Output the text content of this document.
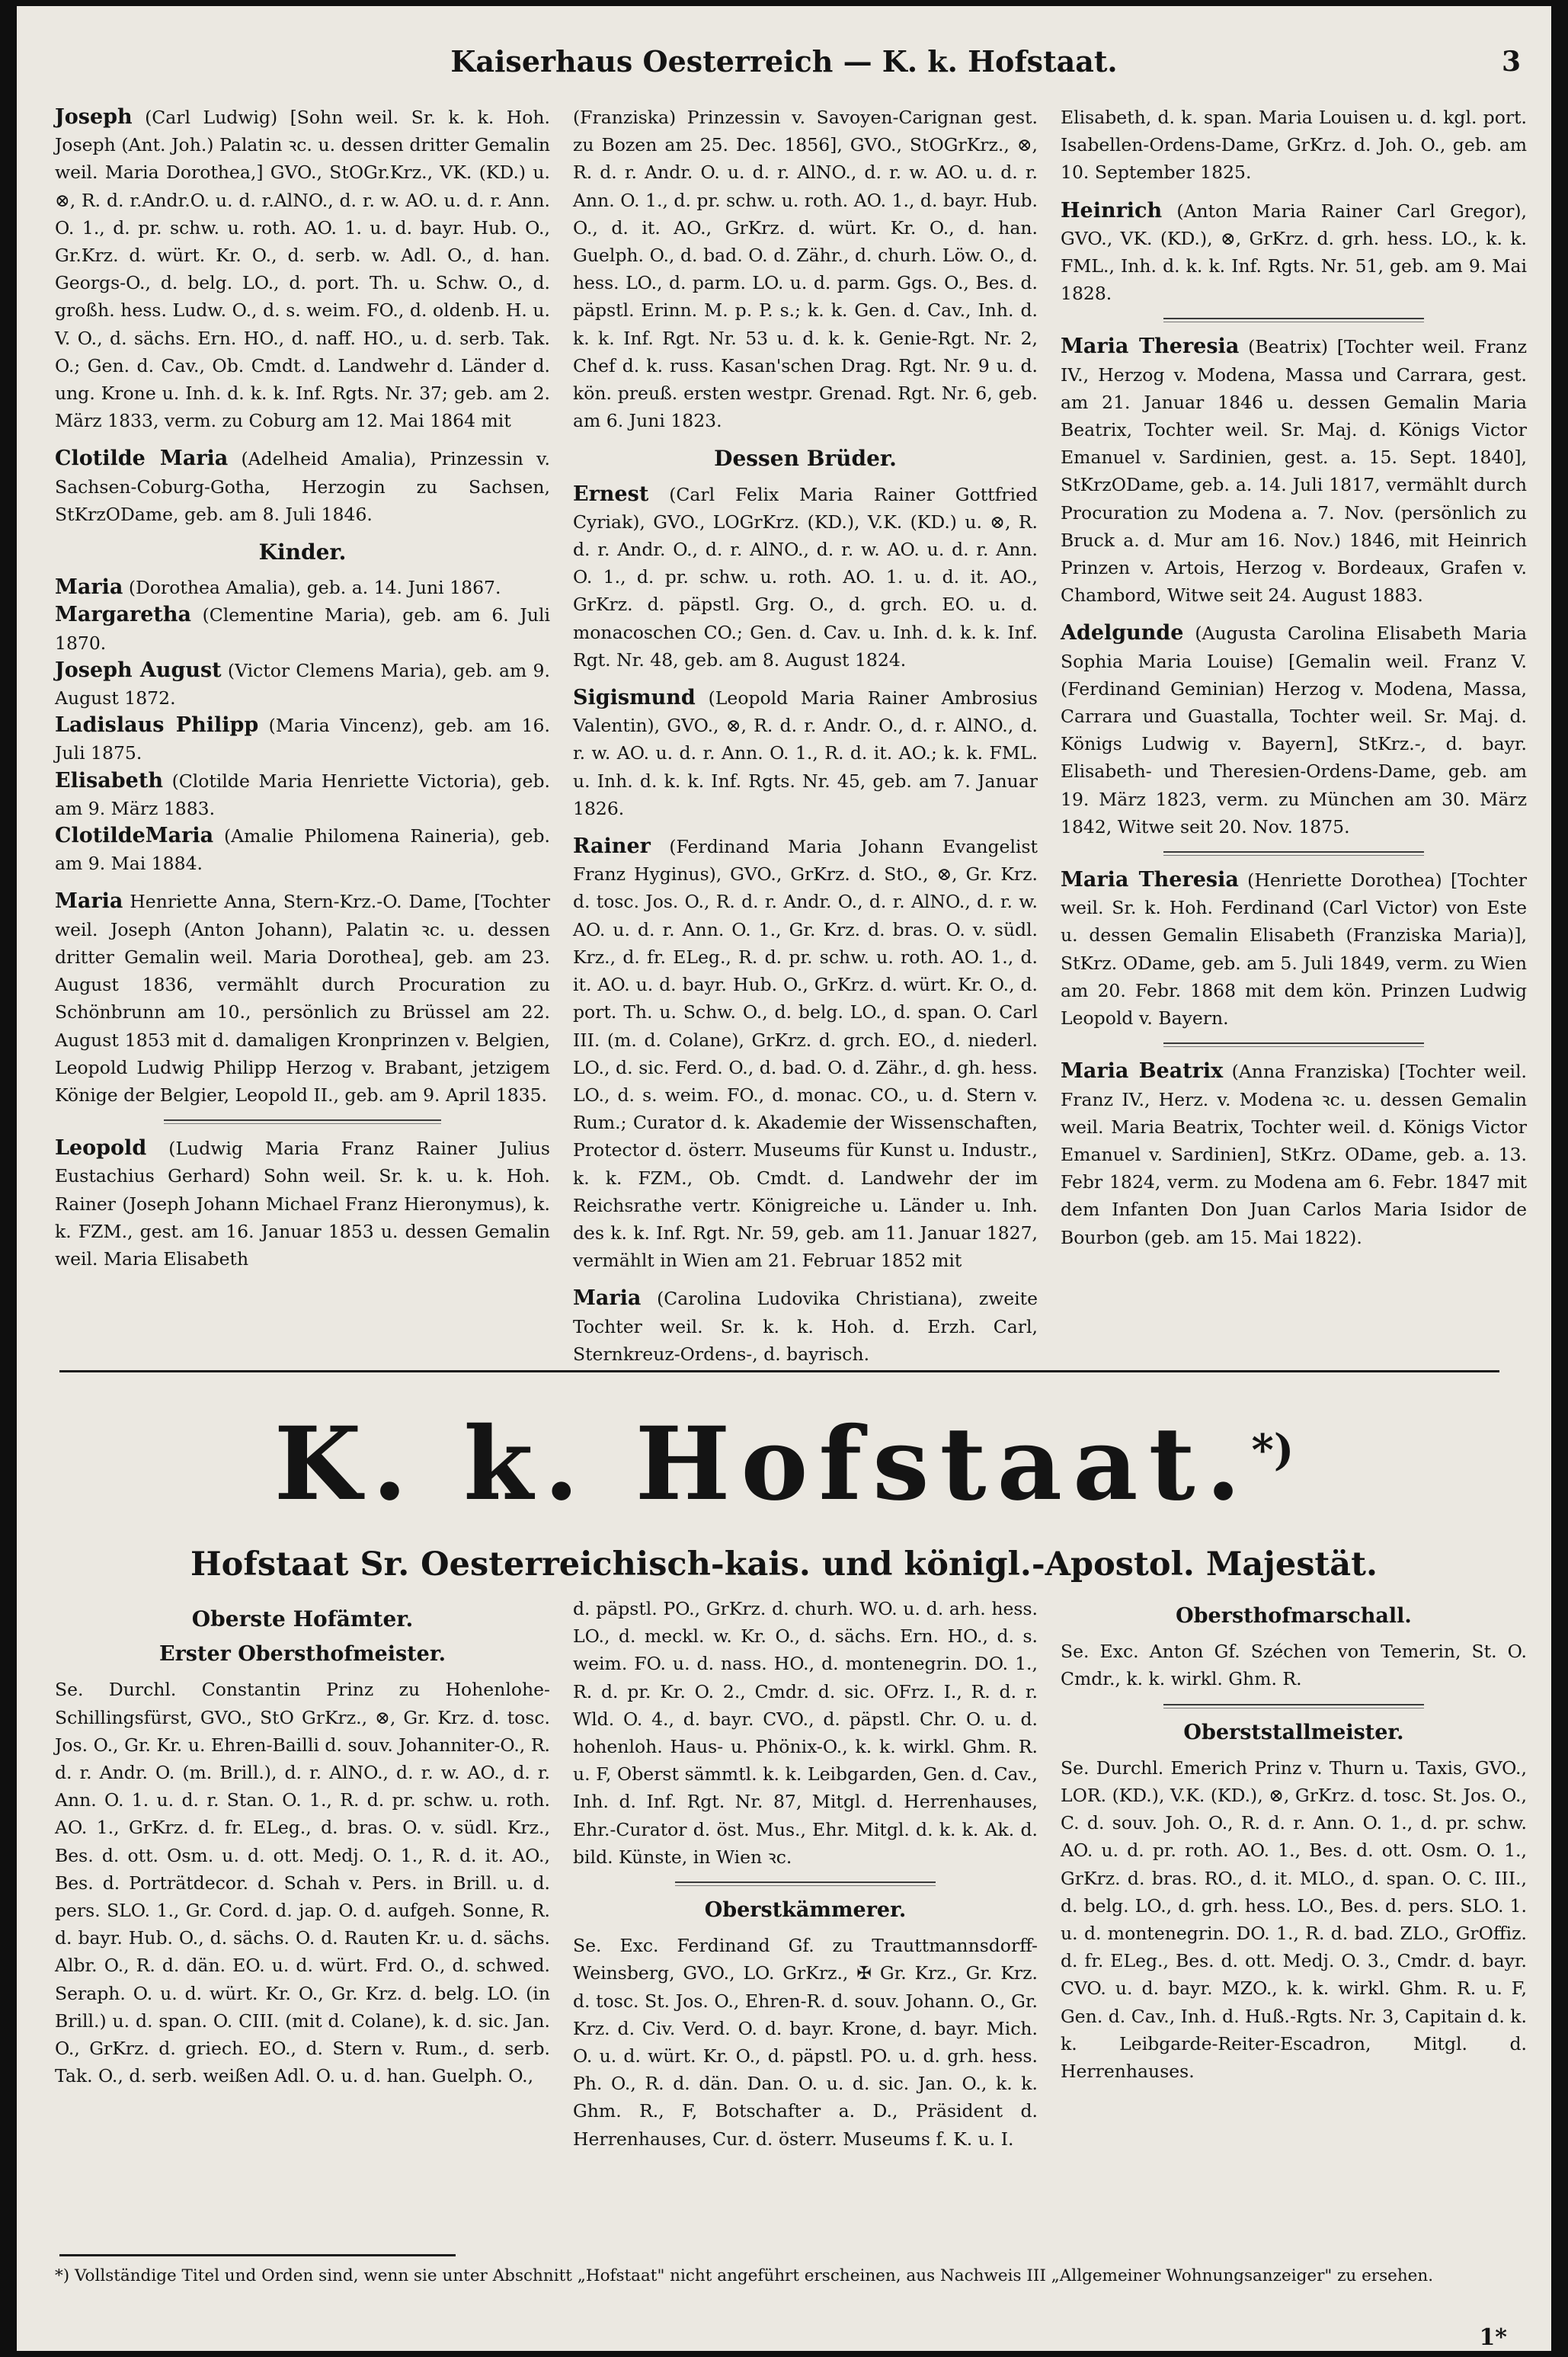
Kaiserhaus Oesterreich — K. k. Hofstaat.	3

Joseph (Carl Ludwig) [Sohn weil. Sr. k. k. Hoh. Joseph (Ant. Joh.) Palatin ꝛc. u. dessen dritter Gemalin weil. Maria Dorothea,] GVO., StOGr.Krz., VK. (KD.) u. ⊗, R. d. r.Andr.O. u. d. r.AlNO., d. r. w. AO. u. d. r. Ann. O. 1., d. pr. schw. u. roth. AO. 1. u. d. bayr. Hub. O., Gr.Krz. d. würt. Kr. O., d. serb. w. Adl. O., d. han. Georgs-O., d. belg. LO., d. port. Th. u. Schw. O., d. großh. hess. Ludw. O., d. s. weim. FO., d. oldenb. H. u. V. O., d. sächs. Ern. HO., d. naff. HO., u. d. serb. Tak. O.; Gen. d. Cav., Ob. Cmdt. d. Landwehr d. Länder d. ung. Krone u. Inh. d. k. k. Inf. Rgts. Nr. 37; geb. am 2. März 1833, verm. zu Coburg am 12. Mai 1864 mit

Clotilde Maria (Adelheid Amalia), Prinzessin v. Sachsen-Coburg-Gotha, Herzogin zu Sachsen, StKrzODame, geb. am 8. Juli 1846.

Kinder.

Maria (Dorothea Amalia), geb. a. 14. Juni 1867.

Margaretha (Clementine Maria), geb. am 6. Juli 1870.

Joseph August (Victor Clemens Maria), geb. am 9. August 1872.

Ladislaus Philipp (Maria Vincenz), geb. am 16. Juli 1875.

Elisabeth (Clotilde Maria Henriette Victoria), geb. am 9. März 1883.

ClotildeMaria (Amalie Philomena Raineria), geb. am 9. Mai 1884.

Maria Henriette Anna, Stern-Krz.-O. Dame, [Tochter weil. Joseph (Anton Johann), Palatin ꝛc. u. dessen dritter Gemalin weil. Maria Dorothea], geb. am 23. August 1836, vermählt durch Procuration zu Schönbrunn am 10., persönlich zu Brüssel am 22. August 1853 mit d. damaligen Kronprinzen v. Belgien, Leopold Ludwig Philipp Herzog v. Brabant, jetzigem Könige der Belgier, Leopold II., geb. am 9. April 1835.

Leopold (Ludwig Maria Franz Rainer Julius Eustachius Gerhard) Sohn weil. Sr. k. u. k. Hoh. Rainer (Joseph Johann Michael Franz Hieronymus), k. k. FZM., gest. am 16. Januar 1853 u. dessen Gemalin weil. Maria Elisabeth

(Franziska) Prinzessin v. Savoyen-Carignan gest. zu Bozen am 25. Dec. 1856], GVO., StOGrKrz., ⊗, R. d. r. Andr. O. u. d. r. AlNO., d. r. w. AO. u. d. r. Ann. O. 1., d. pr. schw. u. roth. AO. 1., d. bayr. Hub. O., d. it. AO., GrKrz. d. würt. Kr. O., d. han. Guelph. O., d. bad. O. d. Zähr., d. churh. Löw. O., d. hess. LO., d. parm. LO. u. d. parm. Ggs. O., Bes. d. päpstl. Erinn. M. p. P. s.; k. k. Gen. d. Cav., Inh. d. k. k. Inf. Rgt. Nr. 53 u. d. k. k. Genie-Rgt. Nr. 2, Chef d. k. russ. Kasan'schen Drag. Rgt. Nr. 9 u. d. kön. preuß. ersten westpr. Grenad. Rgt. Nr. 6, geb. am 6. Juni 1823.

Dessen Brüder.

Ernest (Carl Felix Maria Rainer Gottfried Cyriak), GVO., LOGrKrz. (KD.), V.K. (KD.) u. ⊗, R. d. r. Andr. O., d. r. AlNO., d. r. w. AO. u. d. r. Ann. O. 1., d. pr. schw. u. roth. AO. 1. u. d. it. AO., GrKrz. d. päpstl. Grg. O., d. grch. EO. u. d. monacoschen CO.; Gen. d. Cav. u. Inh. d. k. k. Inf. Rgt. Nr. 48, geb. am 8. August 1824.

Sigismund (Leopold Maria Rainer Ambrosius Valentin), GVO., ⊗, R. d. r. Andr. O., d. r. AlNO., d. r. w. AO. u. d. r. Ann. O. 1., R. d. it. AO.; k. k. FML. u. Inh. d. k. k. Inf. Rgts. Nr. 45, geb. am 7. Januar 1826.

Rainer (Ferdinand Maria Johann Evangelist Franz Hyginus), GVO., GrKrz. d. StO., ⊗, Gr. Krz. d. tosc. Jos. O., R. d. r. Andr. O., d. r. AlNO., d. r. w. AO. u. d. r. Ann. O. 1., Gr. Krz. d. bras. O. v. südl. Krz., d. fr. ELeg., R. d. pr. schw. u. roth. AO. 1., d. it. AO. u. d. bayr. Hub. O., GrKrz. d. würt. Kr. O., d. port. Th. u. Schw. O., d. belg. LO., d. span. O. Carl III. (m. d. Colane), GrKrz. d. grch. EO., d. niederl. LO., d. sic. Ferd. O., d. bad. O. d. Zähr., d. gh. hess. LO., d. s. weim. FO., d. monac. CO., u. d. Stern v. Rum.; Curator d. k. Akademie der Wissenschaften, Protector d. österr. Museums für Kunst u. Industr., k. k. FZM., Ob. Cmdt. d. Landwehr der im Reichsrathe vertr. Königreiche u. Länder u. Inh. des k. k. Inf. Rgt. Nr. 59, geb. am 11. Januar 1827, vermählt in Wien am 21. Februar 1852 mit

Maria (Carolina Ludovika Christiana), zweite Tochter weil. Sr. k. k. Hoh. d. Erzh. Carl, Sternkreuz-Ordens-, d. bayrisch.

Elisabeth, d. k. span. Maria Louisen u. d. kgl. port. Isabellen-Ordens-Dame, GrKrz. d. Joh. O., geb. am 10. September 1825.

Heinrich (Anton Maria Rainer Carl Gregor), GVO., VK. (KD.), ⊗, GrKrz. d. grh. hess. LO., k. k. FML., Inh. d. k. k. Inf. Rgts. Nr. 51, geb. am 9. Mai 1828.

Maria Theresia (Beatrix) [Tochter weil. Franz IV., Herzog v. Modena, Massa und Carrara, gest. am 21. Januar 1846 u. dessen Gemalin Maria Beatrix, Tochter weil. Sr. Maj. d. Königs Victor Emanuel v. Sardinien, gest. a. 15. Sept. 1840], StKrzODame, geb. a. 14. Juli 1817, vermählt durch Procuration zu Modena a. 7. Nov. (persönlich zu Bruck a. d. Mur am 16. Nov.) 1846, mit Heinrich Prinzen v. Artois, Herzog v. Bordeaux, Grafen v. Chambord, Witwe seit 24. August 1883.

Adelgunde (Augusta Carolina Elisabeth Maria Sophia Maria Louise) [Gemalin weil. Franz V. (Ferdinand Geminian) Herzog v. Modena, Massa, Carrara und Guastalla, Tochter weil. Sr. Maj. d. Königs Ludwig v. Bayern], StKrz.-, d. bayr. Elisabeth- und Theresien-Ordens-Dame, geb. am 19. März 1823, verm. zu München am 30. März 1842, Witwe seit 20. Nov. 1875.

Maria Theresia (Henriette Dorothea) [Tochter weil. Sr. k. Hoh. Ferdinand (Carl Victor) von Este u. dessen Gemalin Elisabeth (Franziska Maria)], StKrz. ODame, geb. am 5. Juli 1849, verm. zu Wien am 20. Febr. 1868 mit dem kön. Prinzen Ludwig Leopold v. Bayern.

Maria Beatrix (Anna Franziska) [Tochter weil. Franz IV., Herz. v. Modena ꝛc. u. dessen Gemalin weil. Maria Beatrix, Tochter weil. d. Königs Victor Emanuel v. Sardinien], StKrz. ODame, geb. a. 13. Febr 1824, verm. zu Modena am 6. Febr. 1847 mit dem Infanten Don Juan Carlos Maria Isidor de Bourbon (geb. am 15. Mai 1822).

K. k. Hofstaat.*)
Hofstaat Sr. Oesterreichisch-kais. und königl.-Apostol. Majestät.

Oberste Hofämter.

Erster Obersthofmeister.

Se. Durchl. Constantin Prinz zu Hohenlohe-Schillingsfürst, GVO., StO GrKrz., ⊗, Gr. Krz. d. tosc. Jos. O., Gr. Kr. u. Ehren-Bailli d. souv. Johanniter-O., R. d. r. Andr. O. (m. Brill.), d. r. AlNO., d. r. w. AO., d. r. Ann. O. 1. u. d. r. Stan. O. 1., R. d. pr. schw. u. roth. AO. 1., GrKrz. d. fr. ELeg., d. bras. O. v. südl. Krz., Bes. d. ott. Osm. u. d. ott. Medj. O. 1., R. d. it. AO., Bes. d. Porträtdecor. d. Schah v. Pers. in Brill. u. d. pers. SLO. 1., Gr. Cord. d. jap. O. d. aufgeh. Sonne, R. d. bayr. Hub. O., d. sächs. O. d. Rauten Kr. u. d. sächs. Albr. O., R. d. dän. EO. u. d. würt. Frd. O., d. schwed. Seraph. O. u. d. würt. Kr. O., Gr. Krz. d. belg. LO. (in Brill.) u. d. span. O. CIII. (mit d. Colane), k. d. sic. Jan. O., GrKrz. d. griech. EO., d. Stern v. Rum., d. serb. Tak. O., d. serb. weißen Adl. O. u. d. han. Guelph. O.,

d. päpstl. PO., GrKrz. d. churh. WO. u. d. arh. hess. LO., d. meckl. w. Kr. O., d. sächs. Ern. HO., d. s. weim. FO. u. d. nass. HO., d. montenegrin. DO. 1., R. d. pr. Kr. O. 2., Cmdr. d. sic. OFrz. I., R. d. r. Wld. O. 4., d. bayr. CVO., d. päpstl. Chr. O. u. d. hohenloh. Haus- u. Phönix-O., k. k. wirkl. Ghm. R. u. F, Oberst sämmtl. k. k. Leibgarden, Gen. d. Cav., Inh. d. Inf. Rgt. Nr. 87, Mitgl. d. Herrenhauses, Ehr.-Curator d. öst. Mus., Ehr. Mitgl. d. k. k. Ak. d. bild. Künste, in Wien ꝛc.

Oberstkämmerer.

Se. Exc. Ferdinand Gf. zu Trauttmannsdorff-Weinsberg, GVO., LO. GrKrz., ✠ Gr. Krz., Gr. Krz. d. tosc. St. Jos. O., Ehren-R. d. souv. Johann. O., Gr. Krz. d. Civ. Verd. O. d. bayr. Krone, d. bayr. Mich. O. u. d. würt. Kr. O., d. päpstl. PO. u. d. grh. hess. Ph. O., R. d. dän. Dan. O. u. d. sic. Jan. O., k. k. Ghm. R., F, Botschafter a. D., Präsident d. Herrenhauses, Cur. d. österr. Museums f. K. u. I.

Obersthofmarschall.

Se. Exc. Anton Gf. Széchen von Temerin, St. O. Cmdr., k. k. wirkl. Ghm. R.

Oberststallmeister.

Se. Durchl. Emerich Prinz v. Thurn u. Taxis, GVO., LOR. (KD.), V.K. (KD.), ⊗, GrKrz. d. tosc. St. Jos. O., C. d. souv. Joh. O., R. d. r. Ann. O. 1., d. pr. schw. AO. u. d. pr. roth. AO. 1., Bes. d. ott. Osm. O. 1., GrKrz. d. bras. RO., d. it. MLO., d. span. O. C. III., d. belg. LO., d. grh. hess. LO., Bes. d. pers. SLO. 1. u. d. montenegrin. DO. 1., R. d. bad. ZLO., GrOffiz. d. fr. ELeg., Bes. d. ott. Medj. O. 3., Cmdr. d. bayr. CVO. u. d. bayr. MZO., k. k. wirkl. Ghm. R. u. F, Gen. d. Cav., Inh. d. Huß.-Rgts. Nr. 3, Capitain d. k. k. Leibgarde-Reiter-Escadron, Mitgl. d. Herrenhauses.

*) Vollständige Titel und Orden sind, wenn sie unter Abschnitt „Hofstaat" nicht angeführt erscheinen, aus Nachweis III „Allgemeiner Wohnungsanzeiger" zu ersehen.
1*
